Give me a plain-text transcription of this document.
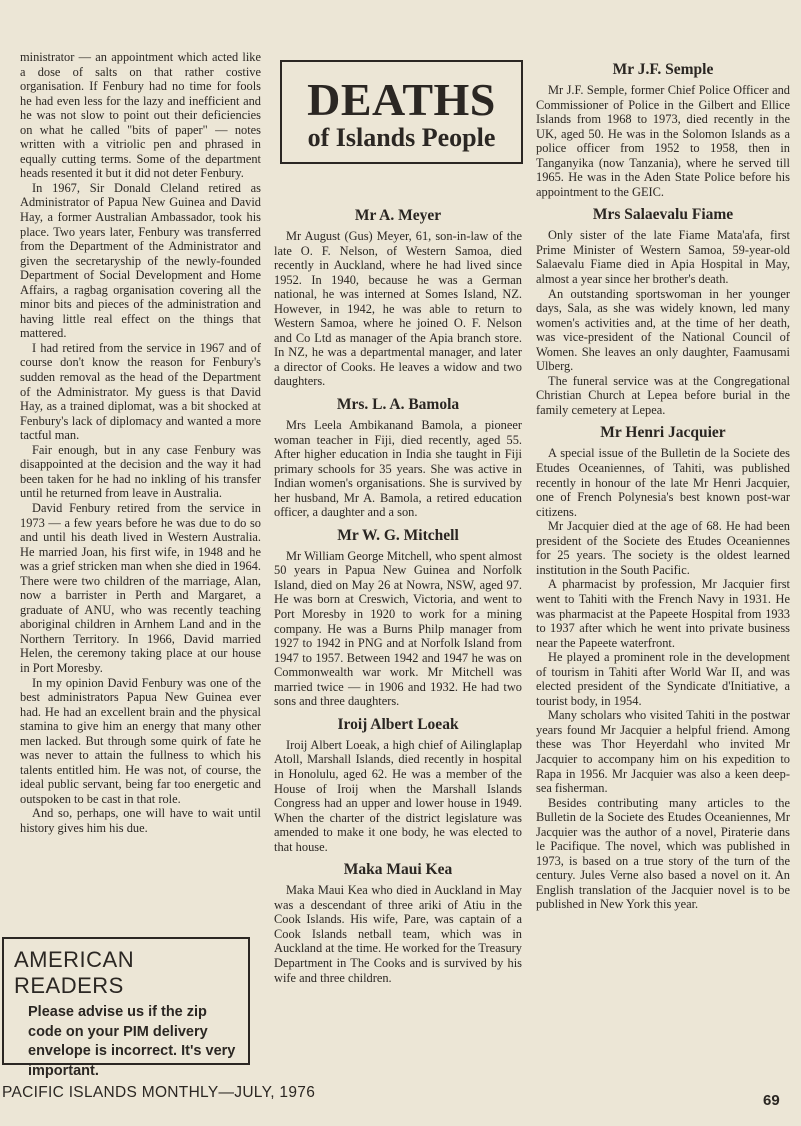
ministrator — an appointment which acted like a dose of salts on that rather costive organisation. If Fenbury had no time for fools he had even less for the lazy and inefficient and he was not slow to point out their deficiencies on what he called "bits of paper" — notes written with a vitriolic pen and phrased in equally cutting terms. Some of the department heads resented it but it did not deter Fenbury.

In 1967, Sir Donald Cleland retired as Administrator of Papua New Guinea and David Hay, a former Australian Ambassador, took his place. Two years later, Fenbury was transferred from the Department of the Administrator and given the secretaryship of the newly-founded Department of Social Development and Home Affairs, a ragbag organisation covering all the minor bits and pieces of the administration and having little real effect on the things that mattered.

I had retired from the service in 1967 and of course don't know the reason for Fenbury's sudden removal as the head of the Department of the Administrator. My guess is that David Hay, as a trained diplomat, was a bit shocked at Fenbury's lack of diplomacy and wanted a more tactful man.

Fair enough, but in any case Fenbury was disappointed at the decision and the way it had been taken for he had no inkling of his transfer until he returned from leave in Australia.

David Fenbury retired from the service in 1973 — a few years before he was due to do so and until his death lived in Western Australia. He married Joan, his first wife, in 1948 and he was a grief stricken man when she died in 1964. There were two children of the marriage, Alan, now a barrister in Perth and Margaret, a graduate of ANU, who was recently teaching aboriginal children in Arnhem Land and in the Northern Territory. In 1966, David married Helen, the ceremony taking place at our house in Port Moresby.

In my opinion David Fenbury was one of the best administrators Papua New Guinea ever had. He had an excellent brain and the physical stamina to give him an energy that many other men lacked. But through some quirk of fate he was never to attain the fullness to which his talents entitled him. He was not, of course, the ideal public servant, being far too energetic and outspoken to be cast in that role.

And so, perhaps, one will have to wait until history gives him his due.

AMERICAN READERS
Please advise us if the zip code on your PIM delivery envelope is incorrect. It's very important.
DEATHS
of Islands People
Mr A. Meyer

Mr August (Gus) Meyer, 61, son-in-law of the late O. F. Nelson, of Western Samoa, died recently in Auckland, where he had lived since 1952. In 1940, because he was a German national, he was interned at Somes Island, NZ. However, in 1942, he was able to return to Western Samoa, where he joined O. F. Nelson and Co Ltd as manager of the Apia branch store. In NZ, he was a departmental manager, and later a director of Cooks. He leaves a widow and two daughters.

Mrs. L. A. Bamola

Mrs Leela Ambikanand Bamola, a pioneer woman teacher in Fiji, died recently, aged 55. After higher education in India she taught in Fiji primary schools for 35 years. She was active in Indian women's organisations. She is survived by her husband, Mr A. Bamola, a retired education officer, a daughter and a son.

Mr W. G. Mitchell

Mr William George Mitchell, who spent almost 50 years in Papua New Guinea and Norfolk Island, died on May 26 at Nowra, NSW, aged 97. He was born at Creswich, Victoria, and went to Port Moresby in 1920 to work for a mining company. He was a Burns Philp manager from 1927 to 1942 in PNG and at Norfolk Island from 1947 to 1957. Between 1942 and 1947 he was on Commonwealth war work. Mr Mitchell was married twice — in 1906 and 1932. He had two sons and three daughters.

Iroij Albert Loeak

Iroij Albert Loeak, a high chief of Ailinglaplap Atoll, Marshall Islands, died recently in hospital in Honolulu, aged 62. He was a member of the House of Iroij when the Marshall Islands Congress had an upper and lower house in 1949. When the charter of the district legislature was amended to make it one body, he was elected to that house.

Maka Maui Kea

Maka Maui Kea who died in Auckland in May was a descendant of three ariki of Atiu in the Cook Islands. His wife, Pare, was captain of a Cook Islands netball team, which was in Auckland at the time. He worked for the Treasury Department in The Cooks and is survived by his wife and three children.

Mr J.F. Semple

Mr J.F. Semple, former Chief Police Officer and Commissioner of Police in the Gilbert and Ellice Islands from 1968 to 1973, died recently in the UK, aged 50. He was in the Solomon Islands as a police officer from 1952 to 1958, then in Tanganyika (now Tanzania), where he served till 1965. He was in the Aden State Police before his appointment to the GEIC.

Mrs Salaevalu Fiame

Only sister of the late Fiame Mata'afa, first Prime Minister of Western Samoa, 59-year-old Salaevalu Fiame died in Apia Hospital in May, almost a year since her brother's death.

An outstanding sportswoman in her younger days, Sala, as she was widely known, led many women's activities and, at the time of her death, was vice-president of the National Council of Women. She leaves an only daughter, Faamusami Ulberg.

The funeral service was at the Congregational Christian Church at Lepea before burial in the family cemetery at Lepea.

Mr Henri Jacquier

A special issue of the Bulletin de la Societe des Etudes Oceaniennes, of Tahiti, was published recently in honour of the late Mr Henri Jacquier, one of French Polynesia's best known post-war citizens.

Mr Jacquier died at the age of 68. He had been president of the Societe des Etudes Oceaniennes for 25 years. The society is the oldest learned institution in the South Pacific.

A pharmacist by profession, Mr Jacquier first went to Tahiti with the French Navy in 1931. He was pharmacist at the Papeete Hospital from 1933 to 1937 after which he went into private business near the Papeete waterfront.

He played a prominent role in the development of tourism in Tahiti after World War II, and was elected president of the Syndicate d'Initiative, a tourist body, in 1954.

Many scholars who visited Tahiti in the postwar years found Mr Jacquier a helpful friend. Among these was Thor Heyerdahl who invited Mr Jacquier to accompany him on his expedition to Rapa in 1956. Mr Jacquier was also a keen deep-sea fisherman.

Besides contributing many articles to the Bulletin de la Societe des Etudes Oceaniennes, Mr Jacquier was the author of a novel, Piraterie dans le Pacifique. The novel, which was published in 1973, is based on a true story of the turn of the century. Jules Verne also based a novel on it. An English translation of the Jacquier novel is to be published in New York this year.

PACIFIC ISLANDS MONTHLY—JULY, 1976	69
